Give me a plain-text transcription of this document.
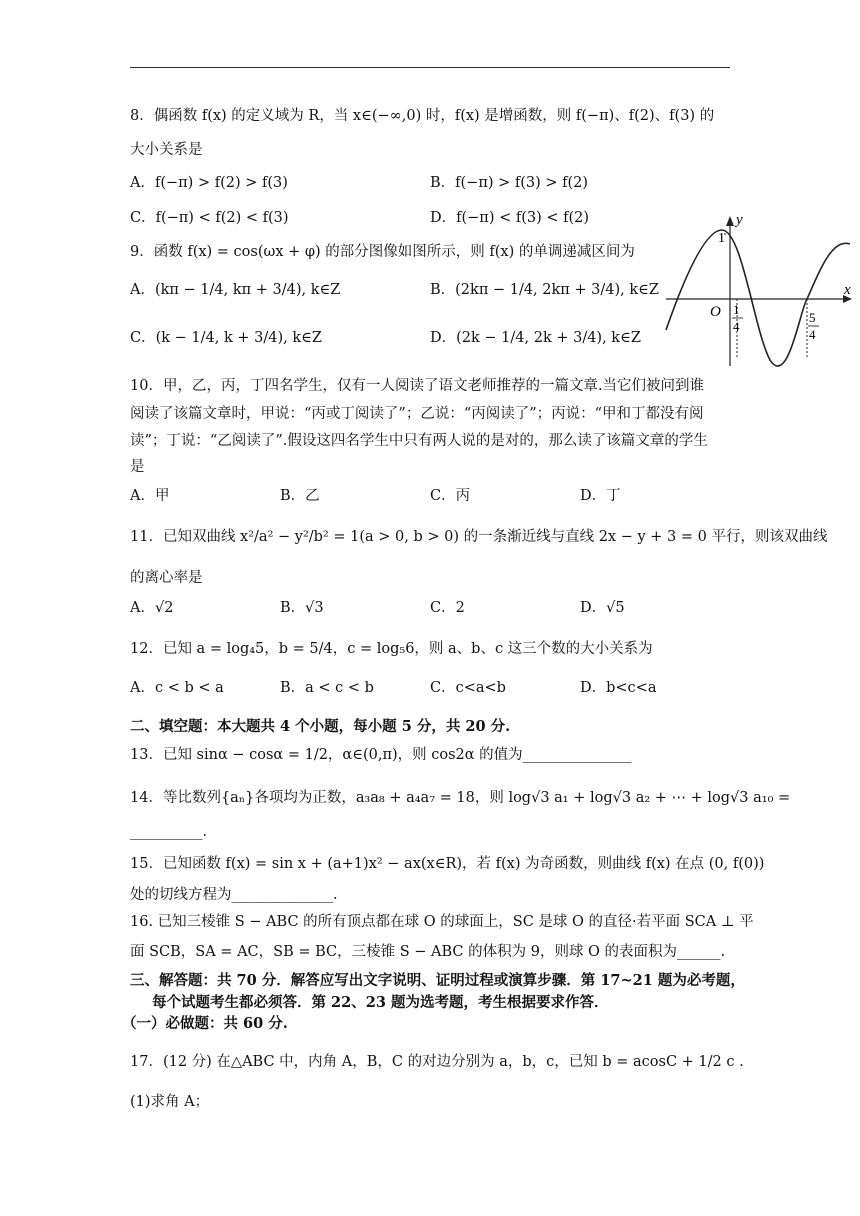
8．偶函数 f(x) 的定义域为 R，当 x∈(−∞,0) 时，f(x) 是增函数，则 f(−π)、f(2)、f(3) 的
大小关系是
A．f(−π) > f(2) > f(3)	B．f(−π) > f(3) > f(2)
C．f(−π) < f(2) < f(3)	D．f(−π) < f(3) < f(2)
9．函数 f(x) = cos(ωx + φ) 的部分图像如图所示，则 f(x) 的单调递减区间为
A．(kπ − 1/4, kπ + 3/4), k∈Z	B．(2kπ − 1/4, 2kπ + 3/4), k∈Z
C．(k − 1/4, k + 3/4), k∈Z	D．(2k − 1/4, 2k + 3/4), k∈Z
y
x
O
1
1
4
5
4
10．甲，乙，丙，丁四名学生，仅有一人阅读了语文老师推荐的一篇文章.当它们被问到谁
阅读了该篇文章时，甲说：“丙或丁阅读了”；乙说：“丙阅读了”；丙说：“甲和丁都没有阅
读”；丁说：“乙阅读了”.假设这四名学生中只有两人说的是对的，那么读了该篇文章的学生
是
A．甲	B．乙	C．丙	D．丁
11．已知双曲线 x²/a² − y²/b² = 1(a > 0, b > 0) 的一条渐近线与直线 2x − y + 3 = 0 平行，则该双曲线
的离心率是
A．√2	B．√3	C．2	D．√5
12．已知 a = log₄5，b = 5/4，c = log₅6，则 a、b、c 这三个数的大小关系为
A．c < b < a	B．a < c < b	C．c<a<b	D．b<c<a
二、填空题：本大题共 4 个小题，每小题 5 分，共 20 分.
13．已知 sinα − cosα = 1/2，α∈(0,π)，则 cos2α 的值为_______________
14．等比数列{aₙ}各项均为正数，a₃a₈ + a₄a₇ = 18，则 log√3 a₁ + log√3 a₂ + ⋯ + log√3 a₁₀ =
__________.
15．已知函数 f(x) = sin x + (a+1)x² − ax(x∈R)，若 f(x) 为奇函数，则曲线 f(x) 在点 (0, f(0))
处的切线方程为______________.
16. 已知三棱锥 S − ABC 的所有顶点都在球 O 的球面上，SC 是球 O 的直径·若平面 SCA ⊥ 平
面 SCB，SA = AC，SB = BC，三棱锥 S − ABC 的体积为 9，则球 O 的表面积为______.
三、解答题：共 70 分．解答应写出文字说明、证明过程或演算步骤．第 17~21 题为必考题，
每个试题考生都必须答．第 22、23 题为选考题，考生根据要求作答．
（一）必做题：共 60 分.
17．(12 分) 在△ABC 中，内角 A，B，C 的对边分别为 a，b，c，已知 b = acosC + 1/2 c .
(1)求角 A；
